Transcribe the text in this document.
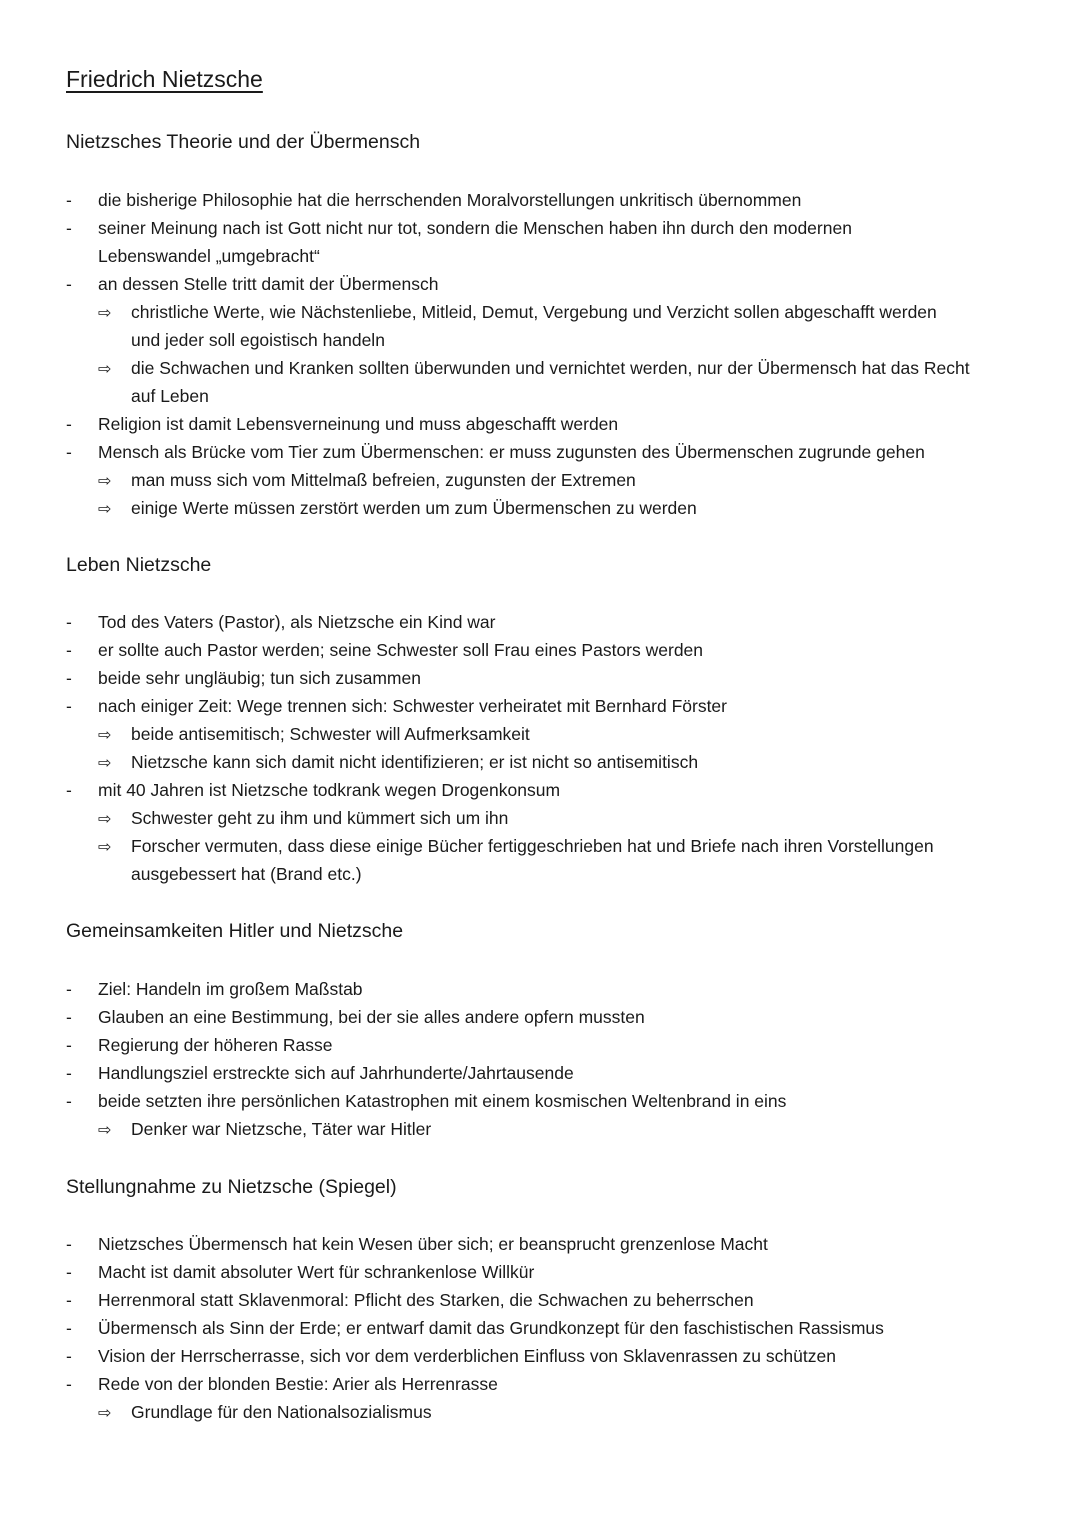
Friedrich Nietzsche
Nietzsches Theorie und der Übermensch
- die bisherige Philosophie hat die herrschenden Moralvorstellungen unkritisch übernommen
- seiner Meinung nach ist Gott nicht nur tot, sondern die Menschen haben ihn durch den modernen
Lebenswandel „umgebracht“
- an dessen Stelle tritt damit der Übermensch
⇨ christliche Werte, wie Nächstenliebe, Mitleid, Demut, Vergebung und Verzicht sollen abgeschafft werden
und jeder soll egoistisch handeln
⇨ die Schwachen und Kranken sollten überwunden und vernichtet werden, nur der Übermensch hat das Recht
auf Leben
- Religion ist damit Lebensverneinung und muss abgeschafft werden
- Mensch als Brücke vom Tier zum Übermenschen: er muss zugunsten des Übermenschen zugrunde gehen
⇨ man muss sich vom Mittelmaß befreien, zugunsten der Extremen
⇨ einige Werte müssen zerstört werden um zum Übermenschen zu werden
Leben Nietzsche
- Tod des Vaters (Pastor), als Nietzsche ein Kind war
- er sollte auch Pastor werden; seine Schwester soll Frau eines Pastors werden
- beide sehr ungläubig; tun sich zusammen
- nach einiger Zeit: Wege trennen sich: Schwester verheiratet mit Bernhard Förster
⇨ beide antisemitisch; Schwester will Aufmerksamkeit
⇨ Nietzsche kann sich damit nicht identifizieren; er ist nicht so antisemitisch
- mit 40 Jahren ist Nietzsche todkrank wegen Drogenkonsum
⇨ Schwester geht zu ihm und kümmert sich um ihn
⇨ Forscher vermuten, dass diese einige Bücher fertiggeschrieben hat und Briefe nach ihren Vorstellungen
ausgebessert hat (Brand etc.)
Gemeinsamkeiten Hitler und Nietzsche
- Ziel: Handeln im großem Maßstab
- Glauben an eine Bestimmung, bei der sie alles andere opfern mussten
- Regierung der höheren Rasse
- Handlungsziel erstreckte sich auf Jahrhunderte/Jahrtausende
- beide setzten ihre persönlichen Katastrophen mit einem kosmischen Weltenbrand in eins
⇨ Denker war Nietzsche, Täter war Hitler
Stellungnahme zu Nietzsche (Spiegel)
- Nietzsches Übermensch hat kein Wesen über sich; er beansprucht grenzenlose Macht
- Macht ist damit absoluter Wert für schrankenlose Willkür
- Herrenmoral statt Sklavenmoral: Pflicht des Starken, die Schwachen zu beherrschen
- Übermensch als Sinn der Erde; er entwarf damit das Grundkonzept für den faschistischen Rassismus
- Vision der Herrscherrasse, sich vor dem verderblichen Einfluss von Sklavenrassen zu schützen
- Rede von der blonden Bestie: Arier als Herrenrasse
⇨ Grundlage für den Nationalsozialismus
